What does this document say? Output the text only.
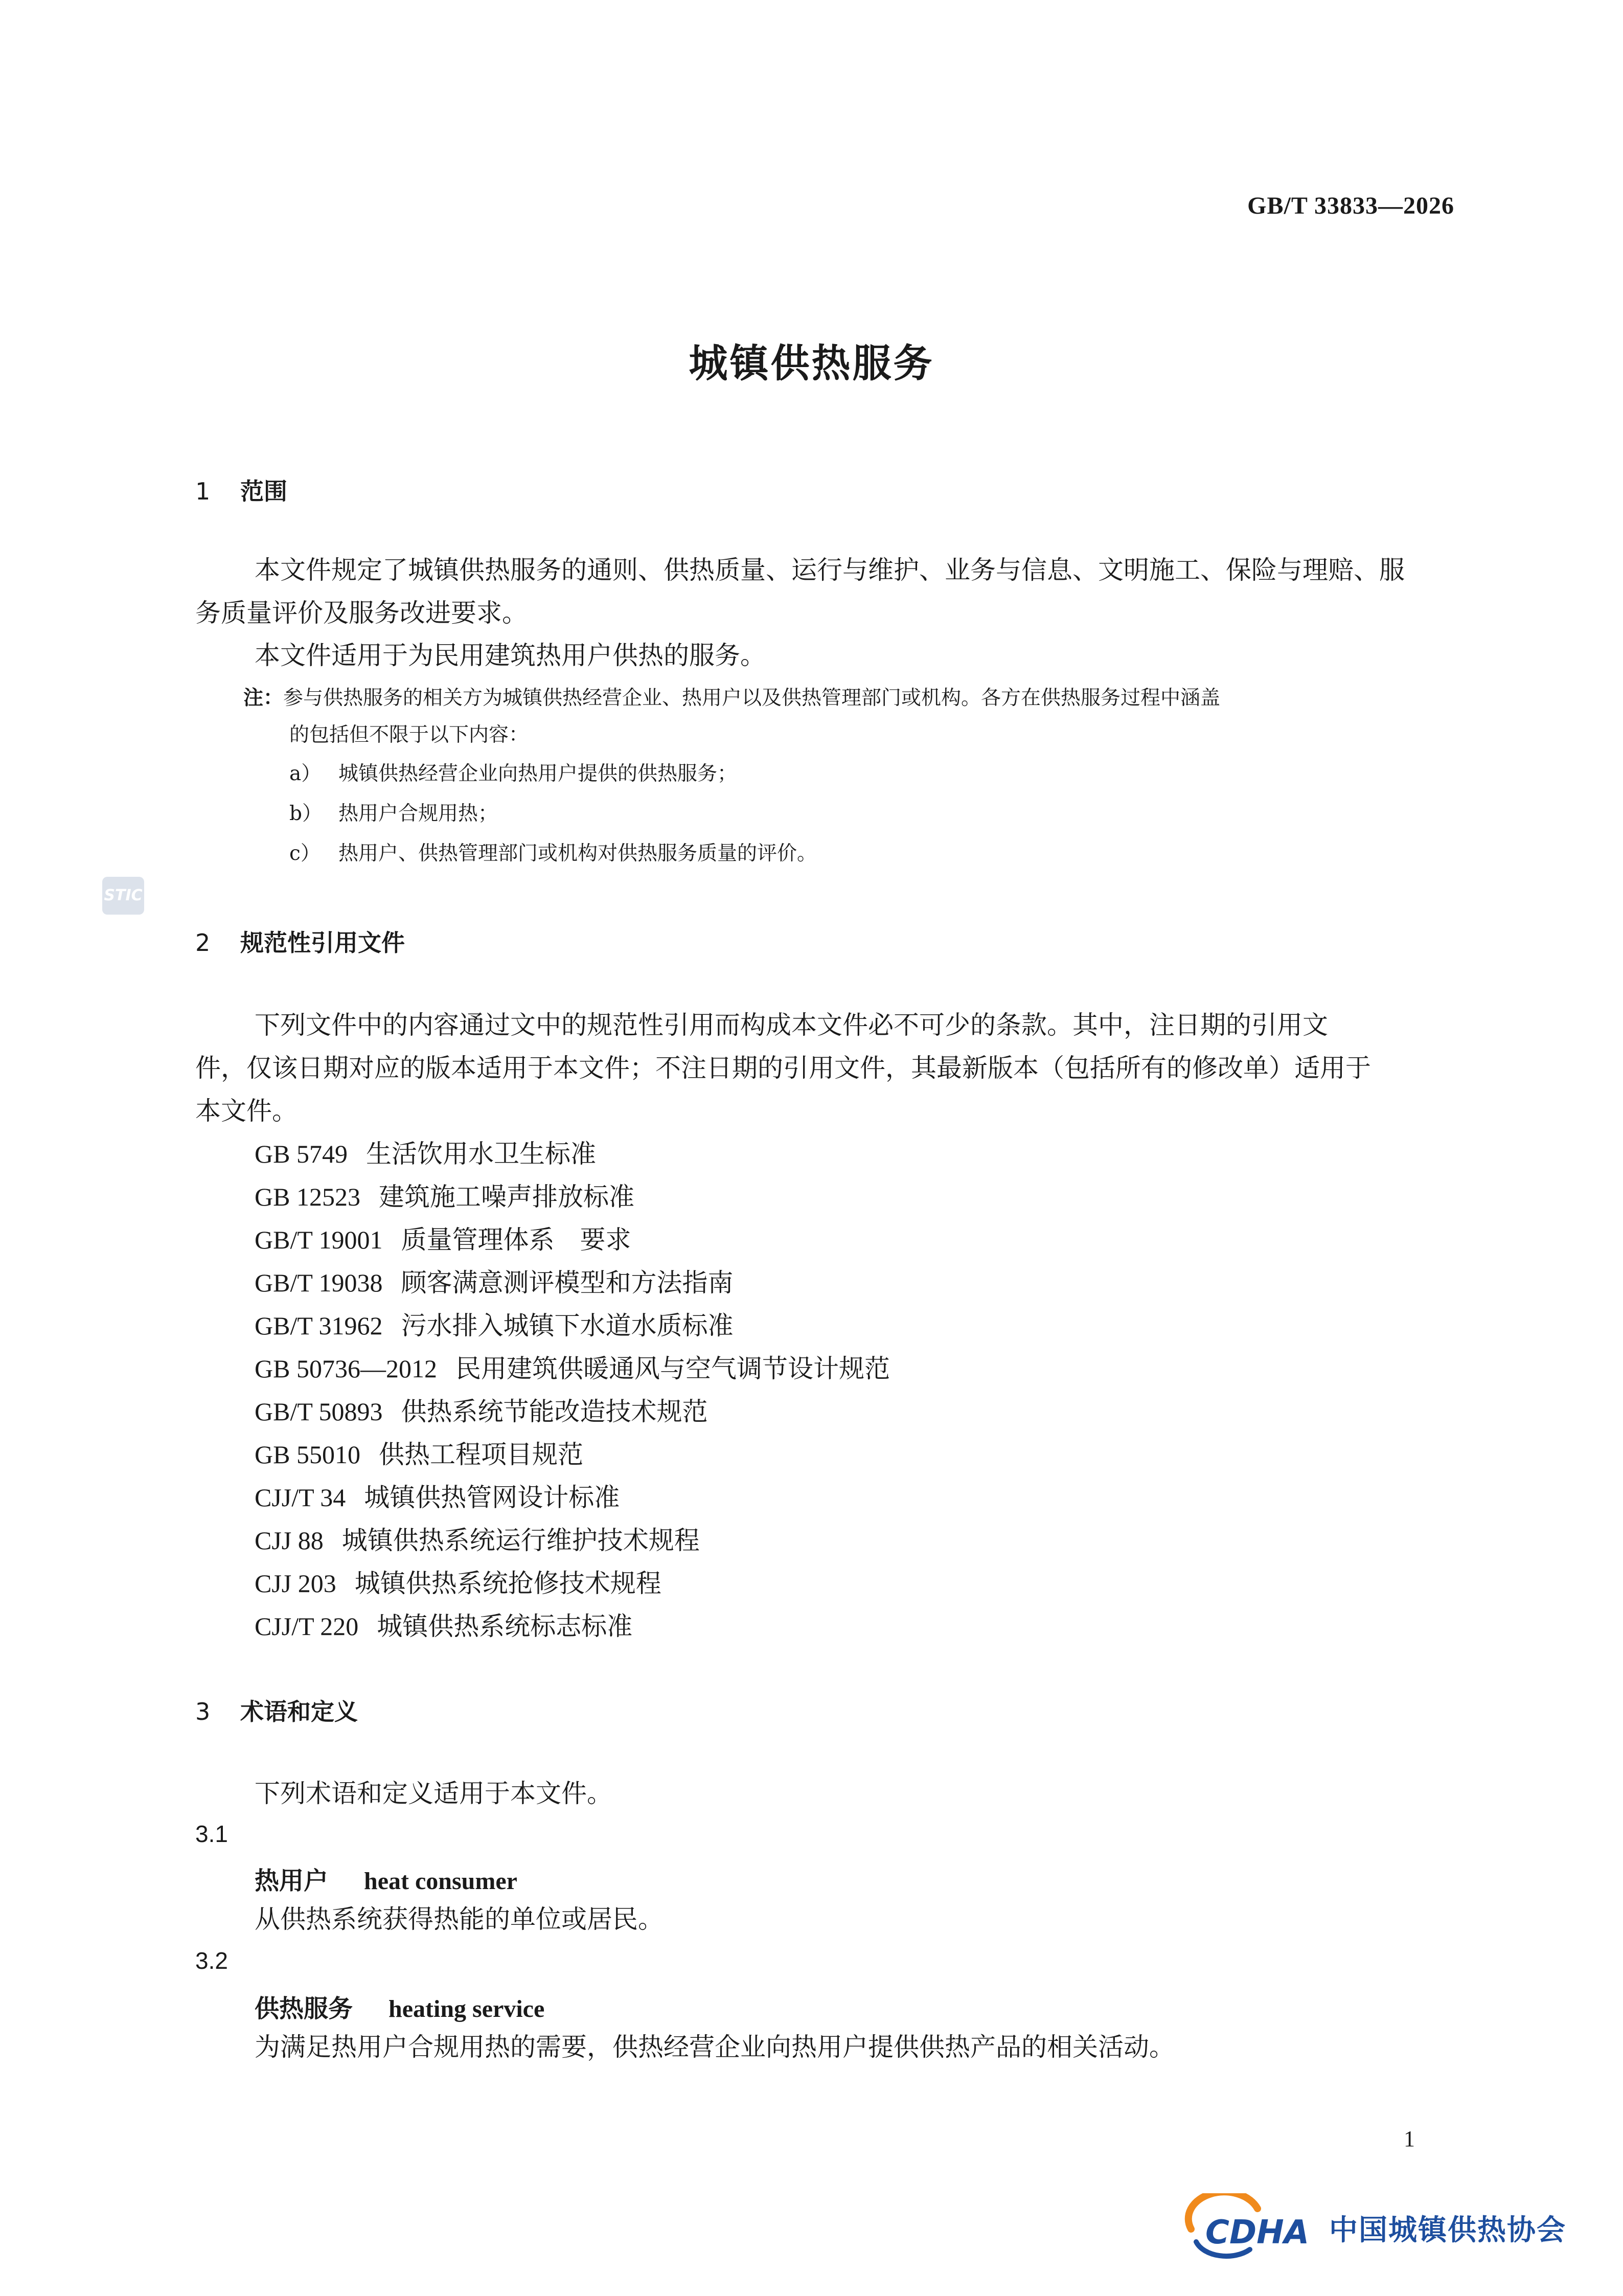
GB/T 33833—2026
城镇供热服务
1 范围
本文件规定了城镇供热服务的通则、供热质量、运行与维护、业务与信息、文明施工、保险与理赔、服
务质量评价及服务改进要求。
本文件适用于为民用建筑热用户供热的服务。
注：参与供热服务的相关方为城镇供热经营企业、热用户以及供热管理部门或机构。各方在供热服务过程中涵盖
的包括但不限于以下内容：
a） 城镇供热经营企业向热用户提供的供热服务；
b） 热用户合规用热；
c） 热用户、供热管理部门或机构对供热服务质量的评价。
STIC
2 规范性引用文件
下列文件中的内容通过文中的规范性引用而构成本文件必不可少的条款。其中，注日期的引用文
件，仅该日期对应的版本适用于本文件；不注日期的引用文件，其最新版本（包括所有的修改单）适用于
本文件。
GB 5749 生活饮用水卫生标准
GB 12523 建筑施工噪声排放标准
GB/T 19001 质量管理体系　要求
GB/T 19038 顾客满意测评模型和方法指南
GB/T 31962 污水排入城镇下水道水质标准
GB 50736—2012 民用建筑供暖通风与空气调节设计规范
GB/T 50893 供热系统节能改造技术规范
GB 55010 供热工程项目规范
CJJ/T 34 城镇供热管网设计标准
CJJ 88 城镇供热系统运行维护技术规程
CJJ 203 城镇供热系统抢修技术规程
CJJ/T 220 城镇供热系统标志标准
3 术语和定义
下列术语和定义适用于本文件。
3.1
热用户 heat consumer
从供热系统获得热能的单位或居民。
3.2
供热服务 heating service
为满足热用户合规用热的需要，供热经营企业向热用户提供供热产品的相关活动。
1
CDHA 中国城镇供热协会
